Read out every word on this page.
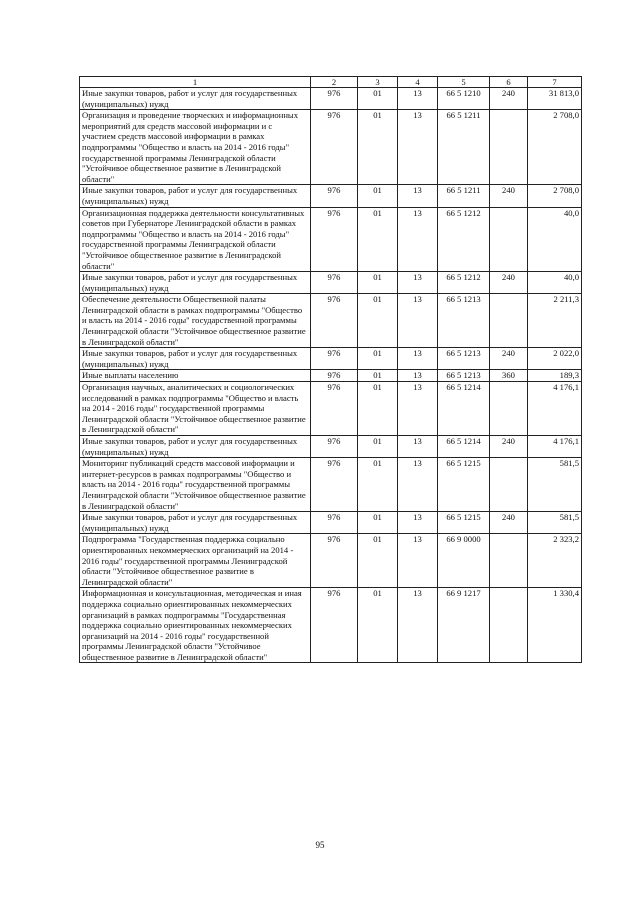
1	2	3	4	5	6	7
Иные закупки товаров, работ и услуг для государственных (муниципальных) нужд	976	01	13	66 5 1210	240	31 813,0
Организация и проведение творческих и информационных мероприятий для средств массовой информации и с участием средств массовой информации в рамках подпрограммы "Общество и власть на 2014 - 2016 годы" государственной программы Ленинградской области "Устойчивое общественное развитие в Ленинградской области"	976	01	13	66 5 1211		2 708,0
Иные закупки товаров, работ и услуг для государственных (муниципальных) нужд	976	01	13	66 5 1211	240	2 708,0
Организационная поддержка деятельности консультативных советов при Губернаторе Ленинградской области в рамках подпрограммы "Общество и власть на 2014 - 2016 годы" государственной программы Ленинградской области "Устойчивое общественное развитие в Ленинградской области"	976	01	13	66 5 1212		40,0
Иные закупки товаров, работ и услуг для государственных (муниципальных) нужд	976	01	13	66 5 1212	240	40,0
Обеспечение деятельности Общественной палаты Ленинградской области в рамках подпрограммы "Общество и власть на 2014 - 2016 годы" государственной программы Ленинградской области "Устойчивое общественное развитие в Ленинградской области"	976	01	13	66 5 1213		2 211,3
Иные закупки товаров, работ и услуг для государственных (муниципальных) нужд	976	01	13	66 5 1213	240	2 022,0
Иные выплаты населению	976	01	13	66 5 1213	360	189,3
Организация научных, аналитических и социологических исследований в рамках подпрограммы "Общество и власть на 2014 - 2016 годы" государственной программы Ленинградской области "Устойчивое общественное развитие в Ленинградской области"	976	01	13	66 5 1214		4 176,1
Иные закупки товаров, работ и услуг для государственных (муниципальных) нужд	976	01	13	66 5 1214	240	4 176,1
Мониторинг публикаций средств массовой информации и интернет-ресурсов в рамках подпрограммы "Общество и власть на 2014 - 2016 годы" государственной программы Ленинградской области "Устойчивое общественное развитие в Ленинградской области"	976	01	13	66 5 1215		581,5
Иные закупки товаров, работ и услуг для государственных (муниципальных) нужд	976	01	13	66 5 1215	240	581,5
Подпрограмма "Государственная поддержка социально ориентированных некоммерческих организаций на 2014 - 2016 годы" государственной программы Ленинградской области "Устойчивое общественное развитие в Ленинградской области"	976	01	13	66 9 0000		2 323,2
Информационная и консультационная, методическая и иная поддержка социально ориентированных некоммерческих организаций в рамках подпрограммы "Государственная поддержка социально ориентированных некоммерческих организаций на 2014 - 2016 годы" государственной программы Ленинградской области "Устойчивое общественное развитие в Ленинградской области"	976	01	13	66 9 1217		1 330,4
95
